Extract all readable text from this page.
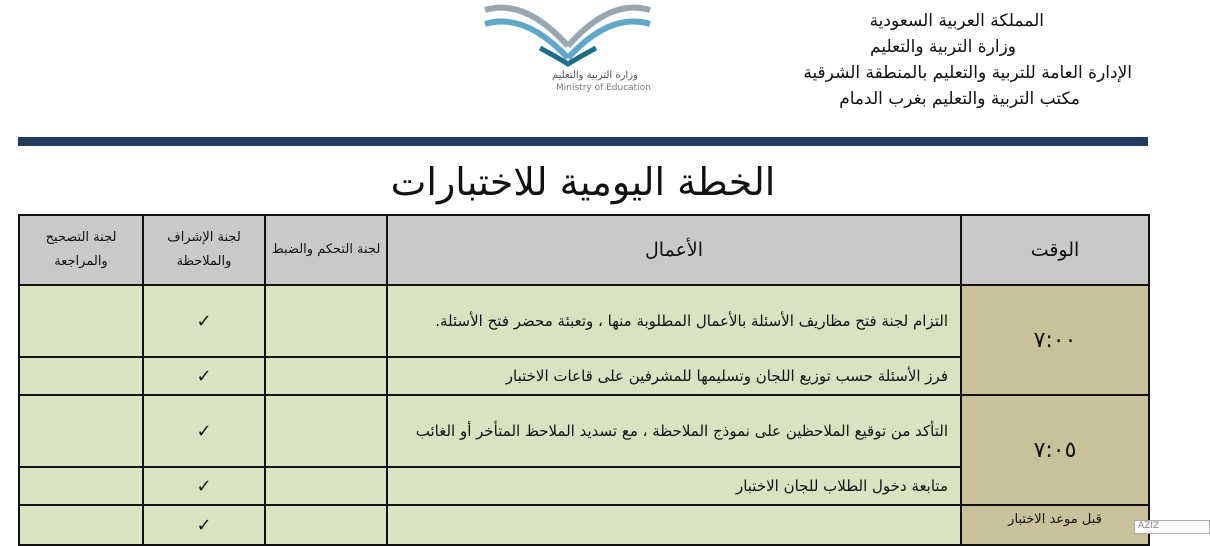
المملكة العربية السعودية
وزارة التربية والتعليم
الإدارة العامة للتربية والتعليم بالمنطقة الشرقية
مكتب التربية والتعليم بغرب الدمام
وزارة التربية والتعليم
Ministry of Education
الخطة اليومية للاختبارات
لجنة التصحيح والمراجعة	لجنة الإشراف والملاحظة	لجنة التحكم والضبط	الأعمال	الوقت
	✓		التزام لجنة فتح مظاريف الأسئلة بالأعمال المطلوبة منها ، وتعبئة محضر فتح الأسئلة.	٧:٠٠
	✓		فرز الأسئلة حسب توزيع اللجان وتسليمها للمشرفين على قاعات الاختبار	
	✓		التأكد من توقيع الملاحظين على نموذج الملاحظة ، مع تسديد الملاحظ المتأخر أو الغائب	٧:٠٥
	✓		متابعة دخول الطلاب للجان الاختبار	
	✓			قبل موعد الاختبار	AZIZ
